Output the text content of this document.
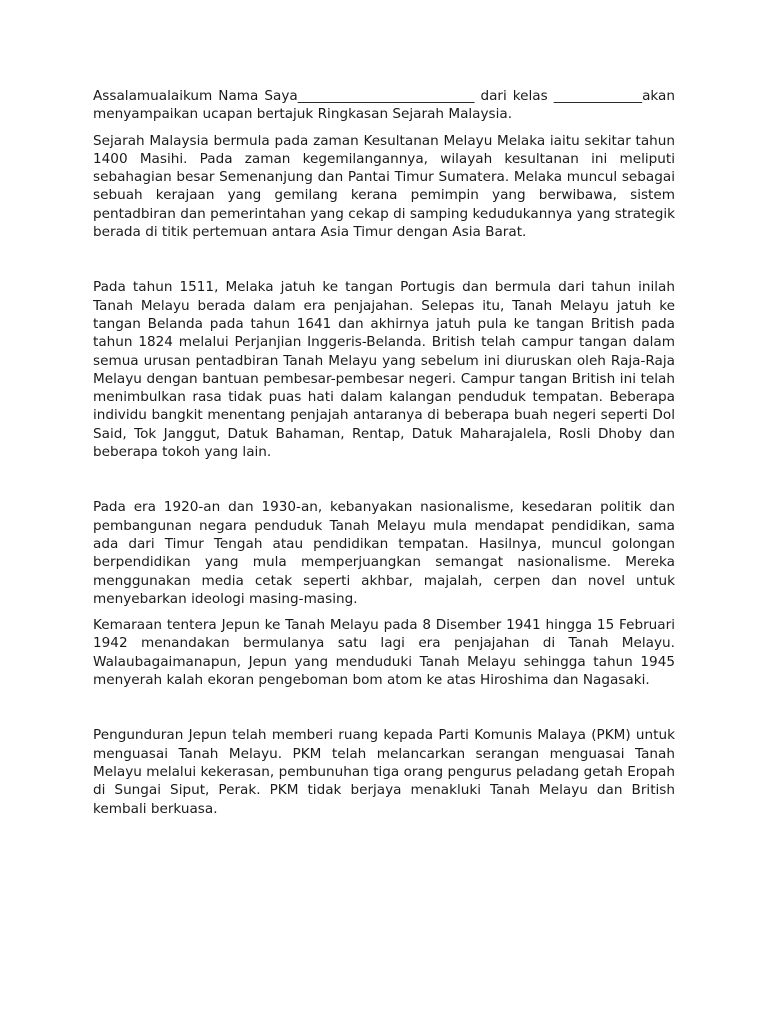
Assalamualaikum Nama Saya__________________________ dari kelas _____________akan menyampaikan ucapan bertajuk Ringkasan Sejarah Malaysia.

Sejarah Malaysia bermula pada zaman Kesultanan Melayu Melaka iaitu sekitar tahun 1400 Masihi. Pada zaman kegemilangannya, wilayah kesultanan ini meliputi sebahagian besar Semenanjung dan Pantai Timur Sumatera. Melaka muncul sebagai sebuah kerajaan yang gemilang kerana pemimpin yang berwibawa, sistem pentadbiran dan pemerintahan yang cekap di samping kedudukannya yang strategik berada di titik pertemuan antara Asia Timur dengan Asia Barat.

Pada tahun 1511, Melaka jatuh ke tangan Portugis dan bermula dari tahun inilah Tanah Melayu berada dalam era penjajahan. Selepas itu, Tanah Melayu jatuh ke tangan Belanda pada tahun 1641 dan akhirnya jatuh pula ke tangan British pada tahun 1824 melalui Perjanjian Inggeris-Belanda. British telah campur tangan dalam semua urusan pentadbiran Tanah Melayu yang sebelum ini diuruskan oleh Raja-Raja Melayu dengan bantuan pembesar-pembesar negeri. Campur tangan British ini telah menimbulkan rasa tidak puas hati dalam kalangan penduduk tempatan. Beberapa individu bangkit menentang penjajah antaranya di beberapa buah negeri seperti Dol Said, Tok Janggut, Datuk Bahaman, Rentap, Datuk Maharajalela, Rosli Dhoby dan beberapa tokoh yang lain.

Pada era 1920-an dan 1930-an, kebanyakan nasionalisme, kesedaran politik dan pembangunan negara penduduk Tanah Melayu mula mendapat pendidikan, sama ada dari Timur Tengah atau pendidikan tempatan. Hasilnya, muncul golongan berpendidikan yang mula memperjuangkan semangat nasionalisme. Mereka menggunakan media cetak seperti akhbar, majalah, cerpen dan novel untuk menyebarkan ideologi masing-masing.

Kemaraan tentera Jepun ke Tanah Melayu pada 8 Disember 1941 hingga 15 Februari 1942 menandakan bermulanya satu lagi era penjajahan di Tanah Melayu. Walaubagaimanapun, Jepun yang menduduki Tanah Melayu sehingga tahun 1945 menyerah kalah ekoran pengeboman bom atom ke atas Hiroshima dan Nagasaki.

Pengunduran Jepun telah memberi ruang kepada Parti Komunis Malaya (PKM) untuk menguasai Tanah Melayu. PKM telah melancarkan serangan menguasai Tanah Melayu melalui kekerasan, pembunuhan tiga orang pengurus peladang getah Eropah di Sungai Siput, Perak. PKM tidak berjaya menakluki Tanah Melayu dan British kembali berkuasa.
